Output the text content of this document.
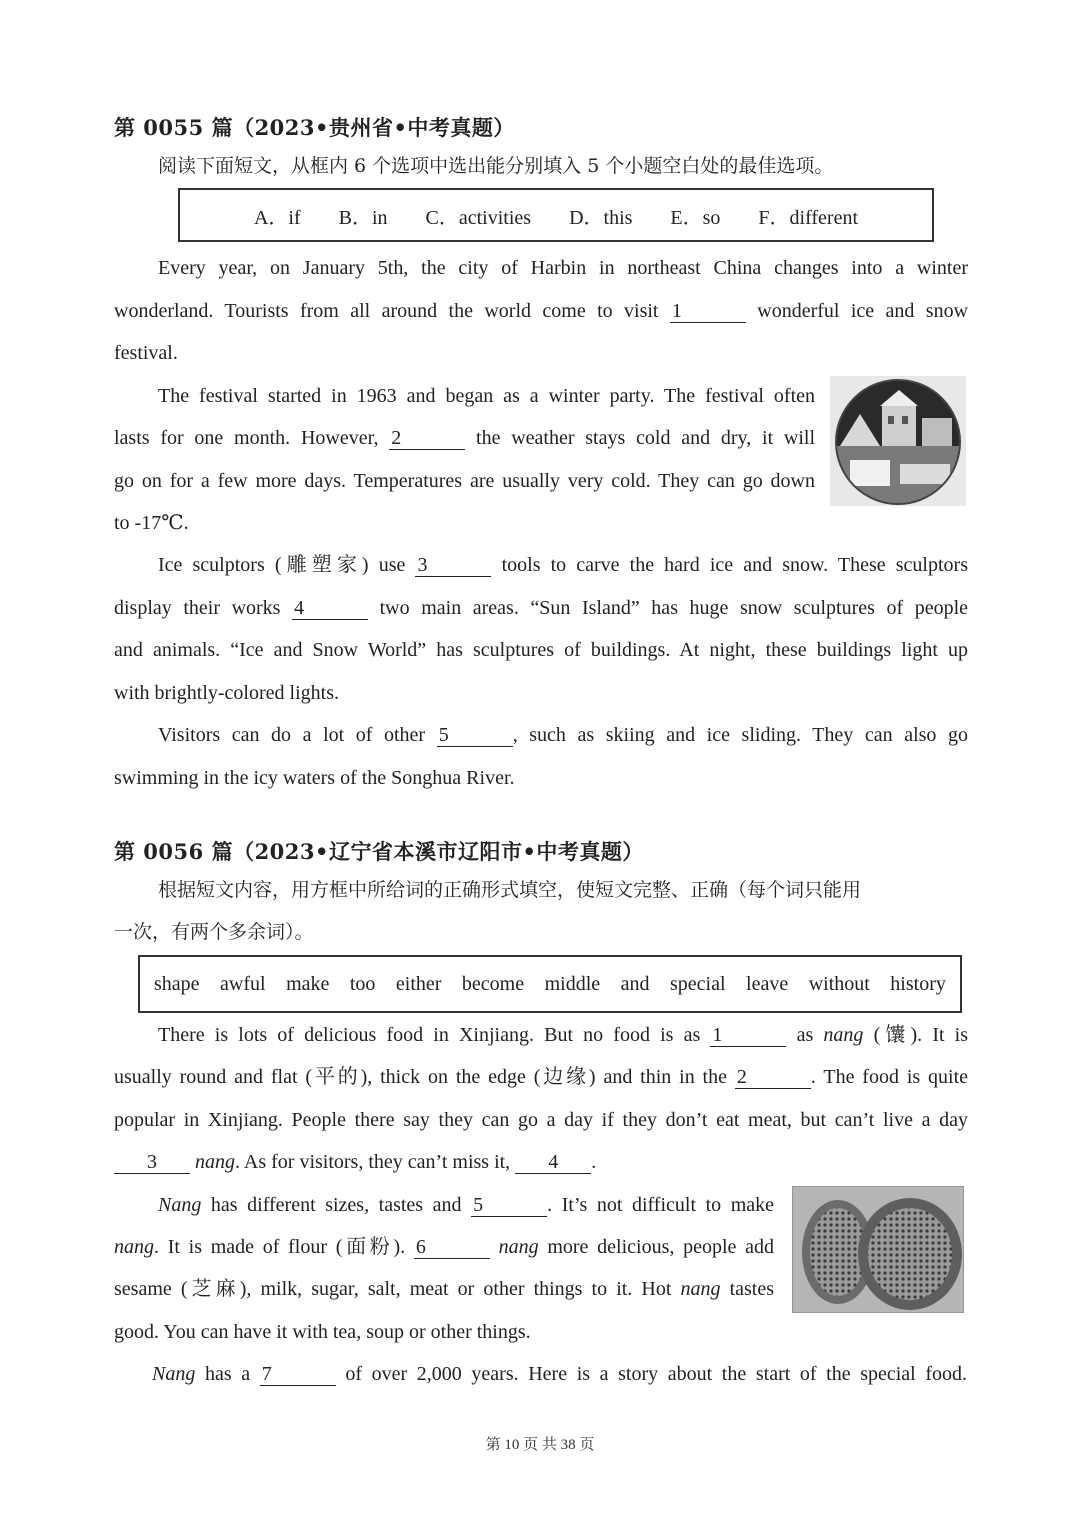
第 0055 篇（2023•贵州省•中考真题）
阅读下面短文，从框内 6 个选项中选出能分别填入 5 个小题空白处的最佳选项。
A．if B．in C．activities D．this E．so F．different
Every year, on January 5th, the city of Harbin in northeast China changes into a winter
wonderland. Tourists from all around the world come to visit 1	wonderful ice and snow
festival.
The festival started in 1963 and began as a winter party. The festival often
lasts for one month. However, 2	the weather stays cold and dry, it will
go on for a few more days. Temperatures are usually very cold. They can go down
to -17℃.
Ice sculptors (雕塑家) use 3	tools to carve the hard ice and snow. These sculptors
display their works 4	two main areas. “Sun Island” has huge snow sculptures of people
and animals. “Ice and Snow World” has sculptures of buildings. At night, these buildings light up
with brightly-colored lights.
Visitors can do a lot of other 5	, such as skiing and ice sliding. They can also go
swimming in the icy waters of the Songhua River.
第 0056 篇（2023•辽宁省本溪市辽阳市•中考真题）
根据短文内容，用方框中所给词的正确形式填空，使短文完整、正确（每个词只能用
一次，有两个多余词）。
shape awful make too either become middle and special leave without history
There is lots of delicious food in Xinjiang. But no food is as 1	as nang (馕). It is
usually round and flat (平的), thick on the edge (边缘) and thin in the 2	. The food is quite
popular in Xinjiang. People there say they can go a day if they don’t eat meat, but can’t live a day
3 nang. As for visitors, they can’t miss it, 4 .
Nang has different sizes, tastes and 5	. It’s not difficult to make
nang. It is made of flour (面粉). 6	nang more delicious, people add
sesame (芝麻), milk, sugar, salt, meat or other things to it. Hot nang tastes
good. You can have it with tea, soup or other things.
Nang has a 7	of over 2,000 years. Here is a story about the start of the special food.
第 10 页 共 38 页
